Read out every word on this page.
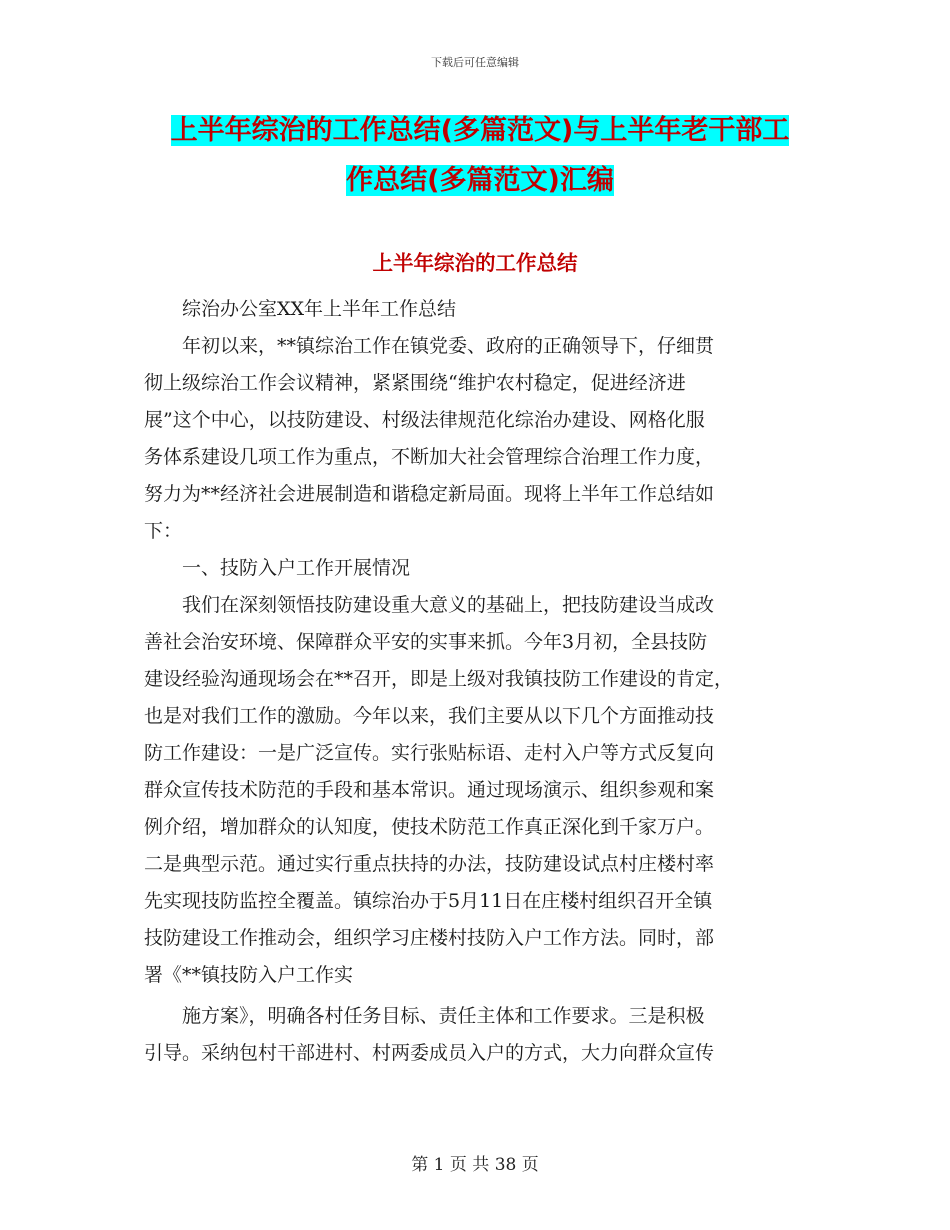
下载后可任意编辑
上半年综治的工作总结(多篇范文)与上半年老干部工
作总结(多篇范文)汇编
上半年综治的工作总结
　　综治办公室XX年上半年工作总结
　　年初以来，**镇综治工作在镇党委、政府的正确领导下，仔细贯
彻上级综治工作会议精神，紧紧围绕“维护农村稳定，促进经济进
展”这个中心，以技防建设、村级法律规范化综治办建设、网格化服
务体系建设几项工作为重点，不断加大社会管理综合治理工作力度，
努力为**经济社会进展制造和谐稳定新局面。现将上半年工作总结如
下：
　　一、技防入户工作开展情况
　　我们在深刻领悟技防建设重大意义的基础上，把技防建设当成改
善社会治安环境、保障群众平安的实事来抓。今年3月初，全县技防
建设经验沟通现场会在**召开，即是上级对我镇技防工作建设的肯定，
也是对我们工作的激励。今年以来，我们主要从以下几个方面推动技
防工作建设：一是广泛宣传。实行张贴标语、走村入户等方式反复向
群众宣传技术防范的手段和基本常识。通过现场演示、组织参观和案
例介绍，增加群众的认知度，使技术防范工作真正深化到千家万户。
二是典型示范。通过实行重点扶持的办法，技防建设试点村庄楼村率
先实现技防监控全覆盖。镇综治办于5月11日在庄楼村组织召开全镇
技防建设工作推动会，组织学习庄楼村技防入户工作方法。同时，部
署《**镇技防入户工作实
　　施方案》，明确各村任务目标、责任主体和工作要求。三是积极
引导。采纳包村干部进村、村两委成员入户的方式，大力向群众宣传
第 1 页 共 38 页
